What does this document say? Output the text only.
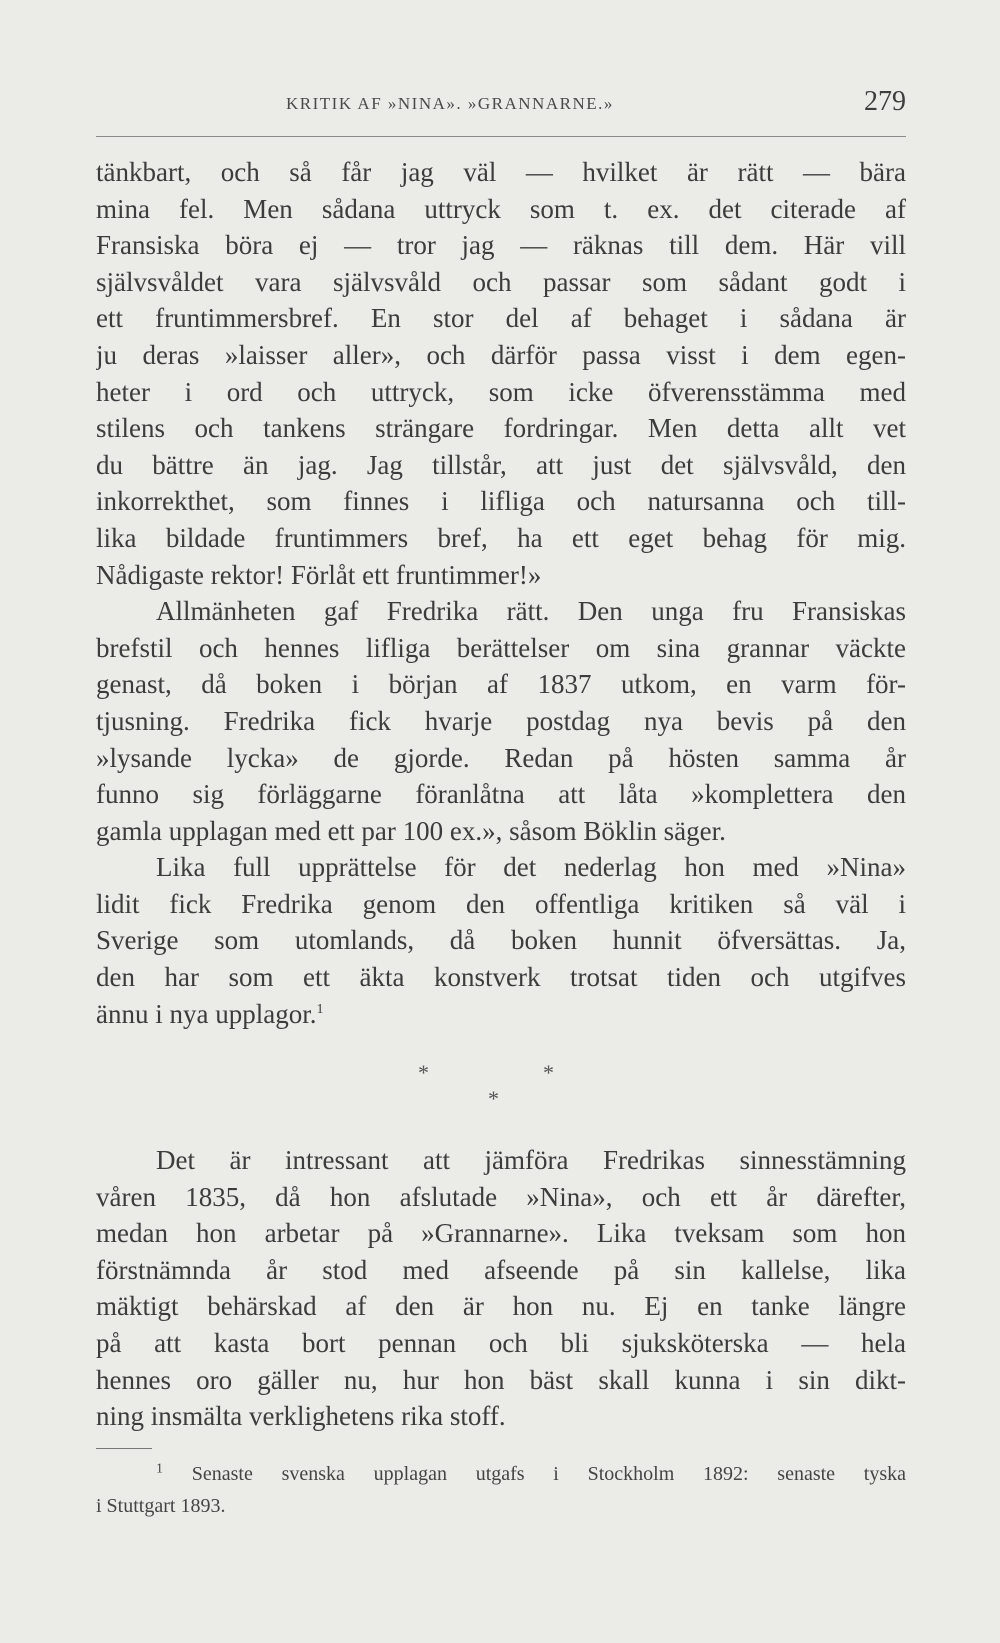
KRITIK AF »NINA». »GRANNARNE.»	279

tänkbart, och så får jag väl — hvilket är rätt — bära
mina fel. Men sådana uttryck som t. ex. det citerade af
Fransiska böra ej — tror jag — räknas till dem. Här vill
självsvåldet vara självsvåld och passar som sådant godt i
ett fruntimmersbref. En stor del af behaget i sådana är
ju deras »laisser aller», och därför passa visst i dem egen-
heter i ord och uttryck, som icke öfverensstämma med
stilens och tankens strängare fordringar. Men detta allt vet
du bättre än jag. Jag tillstår, att just det självsvåld, den
inkorrekthet, som finnes i lifliga och natursanna och till-
lika bildade fruntimmers bref, ha ett eget behag för mig.
Nådigaste rektor! Förlåt ett fruntimmer!»

Allmänheten gaf Fredrika rätt. Den unga fru Fransiskas
brefstil och hennes lifliga berättelser om sina grannar väckte
genast, då boken i början af 1837 utkom, en varm för-
tjusning. Fredrika fick hvarje postdag nya bevis på den
»lysande lycka» de gjorde. Redan på hösten samma år
funno sig förläggarne föranlåtna att låta »komplettera den
gamla upplagan med ett par 100 ex.», såsom Böklin säger.

Lika full upprättelse för det nederlag hon med »Nina»
lidit fick Fredrika genom den offentliga kritiken så väl i
Sverige som utomlands, då boken hunnit öfversättas. Ja,
den har som ett äkta konstverk trotsat tiden och utgifves
ännu i nya upplagor.$^1$

*	*
*

Det är intressant att jämföra Fredrikas sinnesstämning
våren 1835, då hon afslutade »Nina», och ett år därefter,
medan hon arbetar på »Grannarne». Lika tveksam som hon
förstnämnda år stod med afseende på sin kallelse, lika
mäktigt behärskad af den är hon nu. Ej en tanke längre
på att kasta bort pennan och bli sjuksköterska — hela
hennes oro gäller nu, hur hon bäst skall kunna i sin dikt-
ning insmälta verklighetens rika stoff.

$^1$ Senaste svenska upplagan utgafs i Stockholm 1892: senaste tyska
i Stuttgart 1893.
